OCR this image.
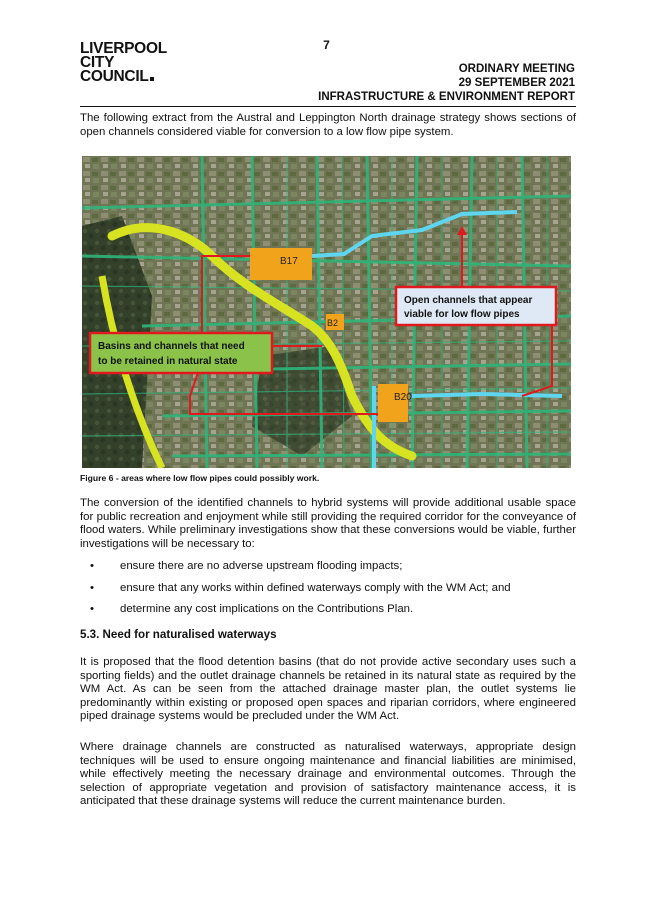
7
LIVERPOOL
CITY
COUNCIL	ORDINARY MEETING
29 SEPTEMBER 2021
INFRASTRUCTURE & ENVIRONMENT REPORT
The following extract from the Austral and Leppington North drainage strategy shows sections of open channels considered viable for conversion to a low flow pipe system.
B17
B20
B2
Basins and channels that need
to be retained in natural state
Open channels that appear
viable for low flow pipes
Figure 6 - areas where low flow pipes could possibly work.
The conversion of the identified channels to hybrid systems will provide additional usable space for public recreation and enjoyment while still providing the required corridor for the conveyance of flood waters. While preliminary investigations show that these conversions would be viable, further investigations will be necessary to:
• ensure there are no adverse upstream flooding impacts;
• ensure that any works within defined waterways comply with the WM Act; and
• determine any cost implications on the Contributions Plan.
5.3. Need for naturalised waterways
It is proposed that the flood detention basins (that do not provide active secondary uses such a sporting fields) and the outlet drainage channels be retained in its natural state as required by the WM Act. As can be seen from the attached drainage master plan, the outlet systems lie predominantly within existing or proposed open spaces and riparian corridors, where engineered piped drainage systems would be precluded under the WM Act.
Where drainage channels are constructed as naturalised waterways, appropriate design techniques will be used to ensure ongoing maintenance and financial liabilities are minimised, while effectively meeting the necessary drainage and environmental outcomes. Through the selection of appropriate vegetation and provision of satisfactory maintenance access, it is anticipated that these drainage systems will reduce the current maintenance burden.
